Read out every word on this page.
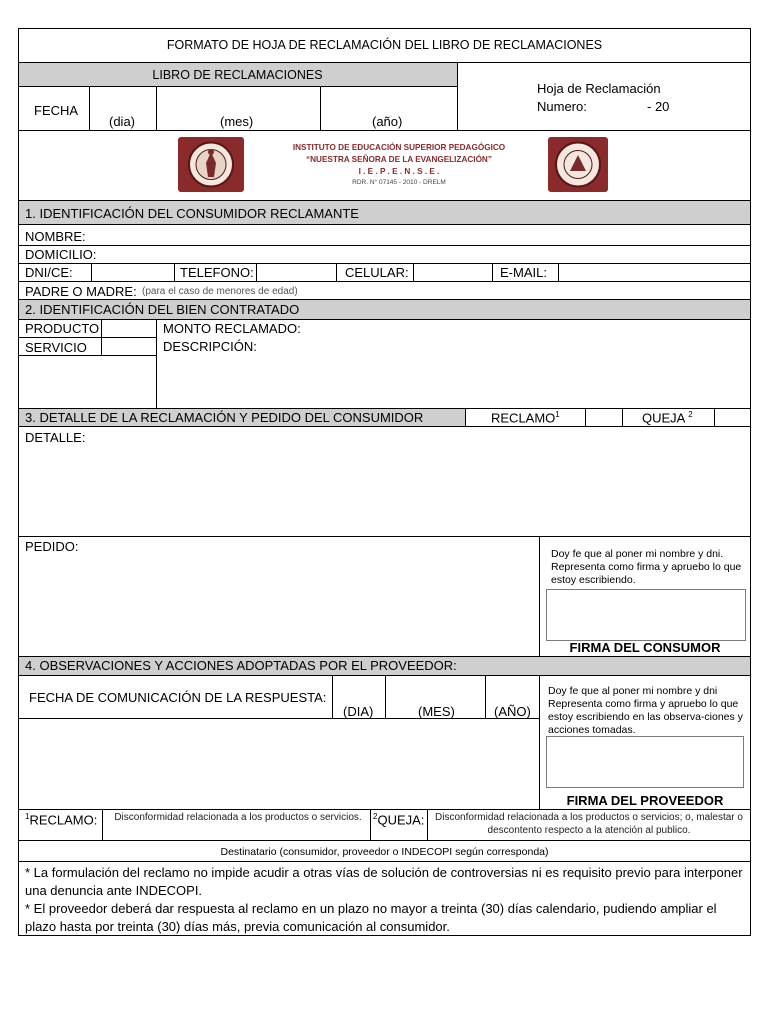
FORMATO DE HOJA DE RECLAMACIÓN DEL LIBRO DE RECLAMACIONES
LIBRO DE RECLAMACIONES
FECHA
(dia)	(mes)	(año)
Hoja de Reclamación
Numero:	- 20
INSTITUTO DE EDUCACIÓN SUPERIOR PEDAGÓGICO
“NUESTRA SEÑORA DE LA EVANGELIZACIÓN”
I . E . P . E . N . S . E .
RDR. N° 07145 - 2010 - DRELM
1. IDENTIFICACIÓN DEL CONSUMIDOR RECLAMANTE
NOMBRE:
DOMICILIO:
DNI/CE:	TELEFONO:	CELULAR:	E-MAIL:
PADRE O MADRE: (para el caso de menores de edad)
2. IDENTIFICACIÓN DEL BIEN CONTRATADO
PRODUCTO
SERVICIO
MONTO RECLAMADO:
DESCRIPCIÓN:
3. DETALLE DE LA RECLAMACIÓN Y PEDIDO DEL CONSUMIDOR	RECLAMO$^1$	QUEJA $^2$
DETALLE:
PEDIDO:	Doy fe que al poner mi nombre y dni. Representa como firma y apruebo lo que estoy escribiendo.
FIRMA DEL CONSUMOR
4. OBSERVACIONES Y ACCIONES ADOPTADAS POR EL PROVEEDOR:
FECHA DE COMUNICACIÓN DE LA RESPUESTA:
(DIA)	(MES)	(AÑO)
Doy fe que al poner mi nombre y dni Representa como firma y apruebo lo que estoy escribiendo en las observa-ciones y acciones tomadas.
FIRMA DEL PROVEEDOR
$^1$RECLAMO:	Disconformidad relacionada a los productos o servicios.	$^2$QUEJA:	Disconformidad relacionada a los productos o servicios; o, malestar o descontento respecto a la atención al publico.
Destinatario (consumidor, proveedor o INDECOPI según corresponda)
* La formulación del reclamo no impide acudir a otras vías de solución de controversias ni es requisito previo para interponer una denuncia ante INDECOPI.
* El proveedor deberá dar respuesta al reclamo en un plazo no mayor a treinta (30) días calendario, pudiendo ampliar el plazo hasta por treinta (30) días más, previa comunicación al consumidor.
